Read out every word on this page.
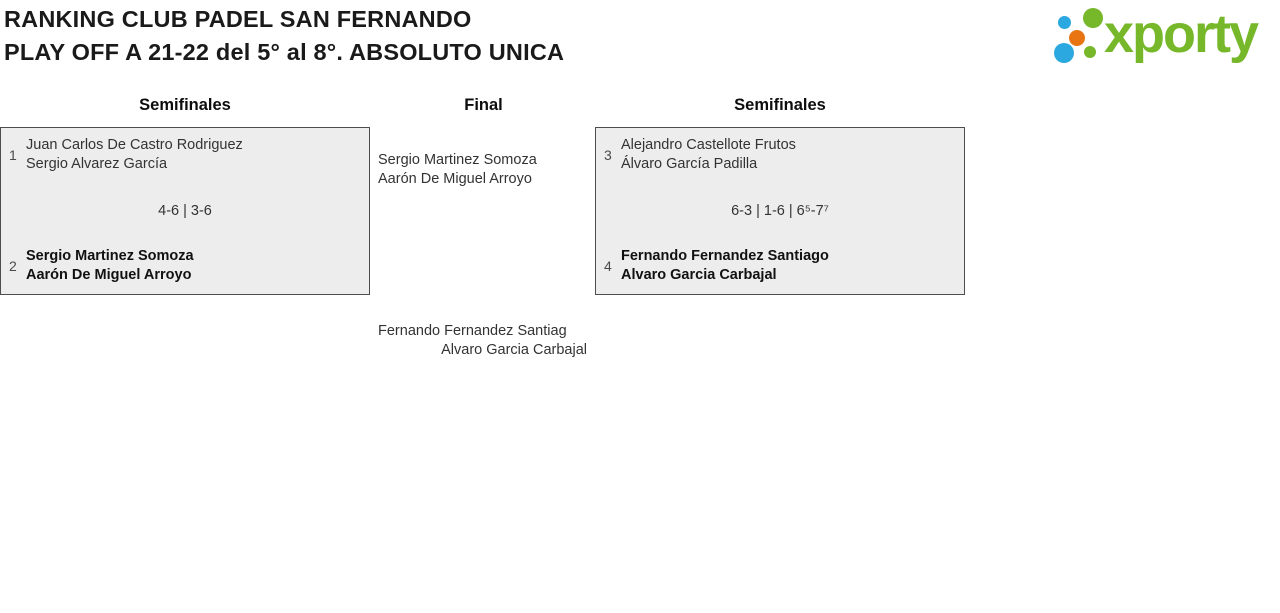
RANKING CLUB PADEL SAN FERNANDO
PLAY OFF A 21-22 del 5° al 8°. ABSOLUTO UNICA	xporty
Semifinales	Final	Semifinales
1
Juan Carlos De Castro Rodriguez
Sergio Alvarez García
4-6 | 3-6
2
Sergio Martinez Somoza
Aarón De Miguel Arroyo
Sergio Martinez Somoza
Aarón De Miguel Arroyo
Fernando Fernandez Santiag
Alvaro Garcia Carbajal
3
Alejandro Castellote Frutos
Álvaro García Padilla
6-3 | 1-6 | 6⁵-7⁷
4
Fernando Fernandez Santiago
Alvaro Garcia Carbajal
